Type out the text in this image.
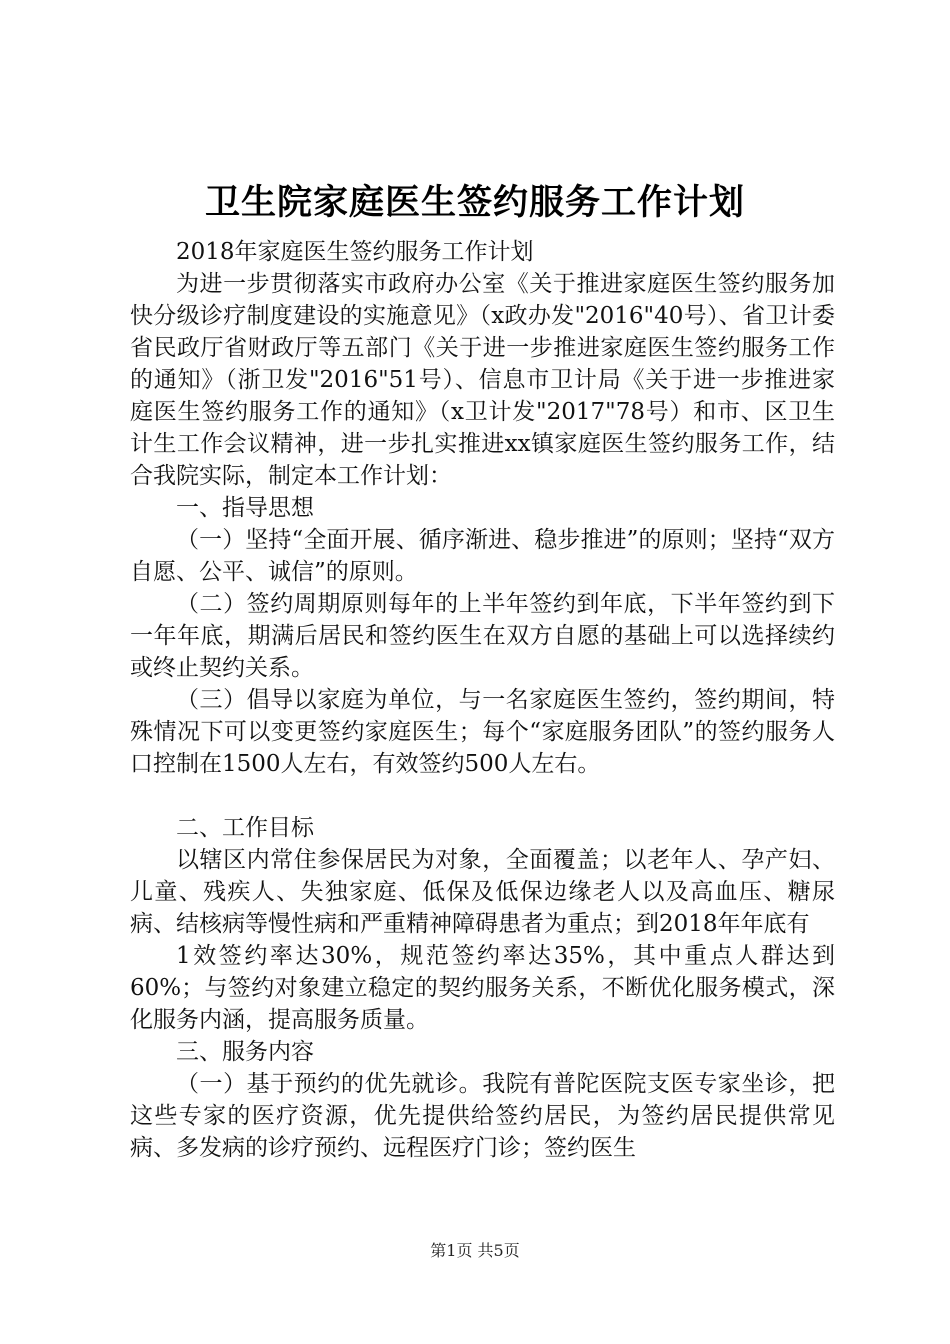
卫生院家庭医生签约服务工作计划

2018年家庭医生签约服务工作计划

为进一步贯彻落实市政府办公室《关于推进家庭医生签约服务加快分级诊疗制度建设的实施意见》（x政办发"2016"40号）、省卫计委省民政厅省财政厅等五部门《关于进一步推进家庭医生签约服务工作的通知》（浙卫发"2016"51号）、信息市卫计局《关于进一步推进家庭医生签约服务工作的通知》（x卫计发"2017"78号）和市、区卫生计生工作会议精神，进一步扎实推进xx镇家庭医生签约服务工作，结合我院实际，制定本工作计划：

一、指导思想

（一）坚持“全面开展、循序渐进、稳步推进”的原则；坚持“双方自愿、公平、诚信”的原则。

（二）签约周期原则每年的上半年签约到年底，下半年签约到下一年年底，期满后居民和签约医生在双方自愿的基础上可以选择续约或终止契约关系。

（三）倡导以家庭为单位，与一名家庭医生签约，签约期间，特殊情况下可以变更签约家庭医生；每个“家庭服务团队”的签约服务人口控制在1500人左右，有效签约500人左右。

二、工作目标

以辖区内常住参保居民为对象，全面覆盖；以老年人、孕产妇、儿童、残疾人、失独家庭、低保及低保边缘老人以及高血压、糖尿病、结核病等慢性病和严重精神障碍患者为重点；到2018年年底有

1效签约率达30%，规范签约率达35%，其中重点人群达到60%；与签约对象建立稳定的契约服务关系，不断优化服务模式，深化服务内涵，提高服务质量。

三、服务内容

（一）基于预约的优先就诊。我院有普陀医院支医专家坐诊，把这些专家的医疗资源，优先提供给签约居民，为签约居民提供常见病、多发病的诊疗预约、远程医疗门诊；签约医生

第1页 共5页
